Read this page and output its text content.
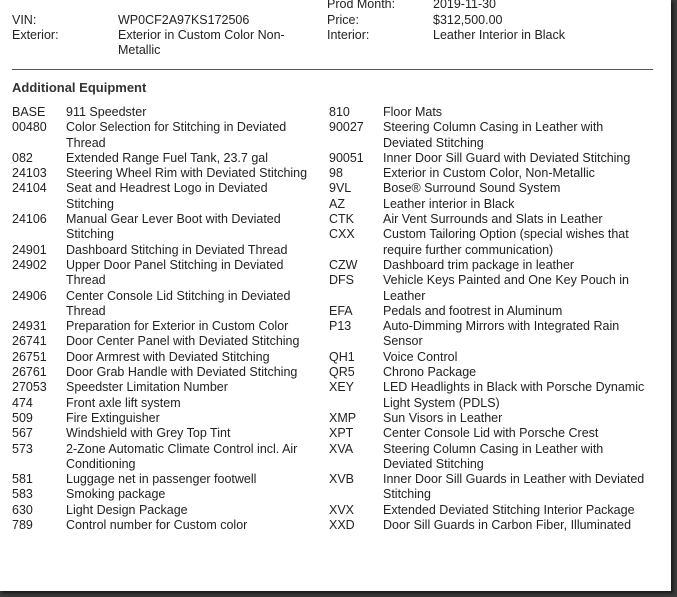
Prod Month:	2019-11-30
VIN:	WP0CF2A97KS172506	Price:	$312,500.00
Exterior:	Exterior in Custom Color Non-Metallic
Interior:	Leather Interior in Black
Additional Equipment
BASE	911 Speedster
00480	Color Selection for Stitching in Deviated Thread
082	Extended Range Fuel Tank, 23.7 gal
24103	Steering Wheel Rim with Deviated Stitching
24104	Seat and Headrest Logo in Deviated Stitching
24106	Manual Gear Lever Boot with Deviated Stitching
24901	Dashboard Stitching in Deviated Thread
24902	Upper Door Panel Stitching in Deviated Thread
24906	Center Console Lid Stitching in Deviated Thread
24931	Preparation for Exterior in Custom Color
26741	Door Center Panel with Deviated Stitching
26751	Door Armrest with Deviated Stitching
26761	Door Grab Handle with Deviated Stitching
27053	Speedster Limitation Number
474	Front axle lift system
509	Fire Extinguisher
567	Windshield with Grey Top Tint
573	2-Zone Automatic Climate Control incl. Air Conditioning
581	Luggage net in passenger footwell
583	Smoking package
630	Light Design Package
789	Control number for Custom color
810	Floor Mats
90027	Steering Column Casing in Leather with Deviated Stitching
90051	Inner Door Sill Guard with Deviated Stitching
98	Exterior in Custom Color, Non-Metallic
9VL	Bose® Surround Sound System
AZ	Leather interior in Black
CTK	Air Vent Surrounds and Slats in Leather
CXX	Custom Tailoring Option (special wishes that require further communication)
CZW	Dashboard trim package in leather
DFS	Vehicle Keys Painted and One Key Pouch in Leather
EFA	Pedals and footrest in Aluminum
P13	Auto-Dimming Mirrors with Integrated Rain Sensor
QH1	Voice Control
QR5	Chrono Package
XEY	LED Headlights in Black with Porsche Dynamic Light System (PDLS)
XMP	Sun Visors in Leather
XPT	Center Console Lid with Porsche Crest
XVA	Steering Column Casing in Leather with Deviated Stitching
XVB	Inner Door Sill Guards in Leather with Deviated Stitching
XVX	Extended Deviated Stitching Interior Package
XXD	Door Sill Guards in Carbon Fiber, Illuminated
